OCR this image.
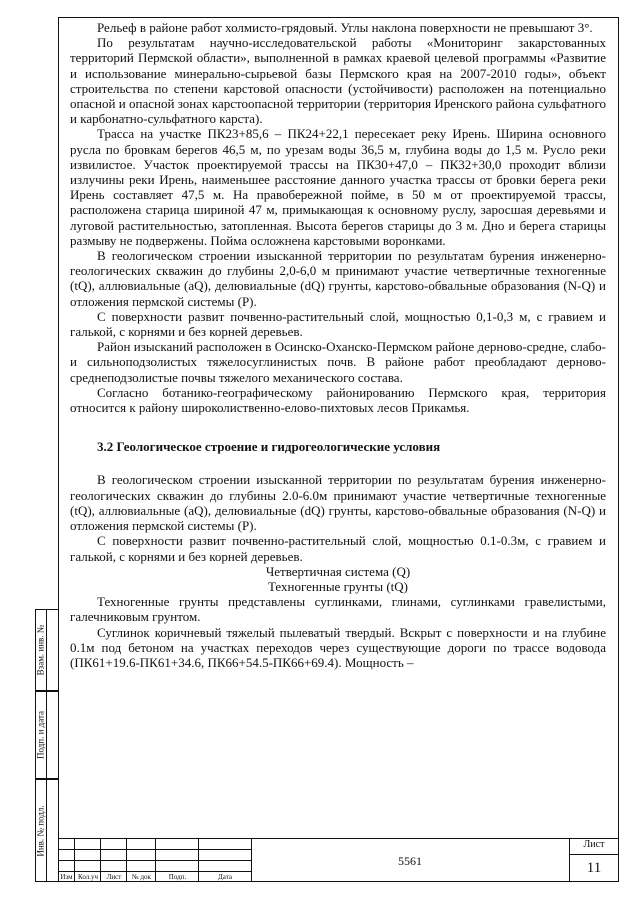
Рельеф в районе работ холмисто-грядовый. Углы наклона поверхности не превышают 3°.

По результатам научно-исследовательской работы «Мониторинг закарстованных территорий Пермской области», выполненной в рамках краевой целевой программы «Развитие и использование минерально-сырьевой базы Пермского края на 2007-2010 годы», объект строительства по степени карстовой опасности (устойчивости) расположен на потенциально опасной и опасной зонах карстоопасной территории (территория Иренского района сульфатного и карбонатно-сульфатного карста).

Трасса на участке ПК23+85,6 – ПК24+22,1 пересекает реку Ирень. Ширина основного русла по бровкам берегов 46,5 м, по урезам воды 36,5 м, глубина воды до 1,5 м. Русло реки извилистое. Участок проектируемой трассы на ПК30+47,0 – ПК32+30,0 проходит вблизи излучины реки Ирень, наименьшее расстояние данного участка трассы от бровки берега реки Ирень составляет 47,5 м. На правобережной пойме, в 50 м от проектируемой трассы, расположена старица шириной 47 м, примыкающая к основному руслу, заросшая деревьями и луговой растительностью, затопленная. Высота берегов старицы до 3 м. Дно и берега старицы размыву не подвержены. Пойма осложнена карстовыми воронками.

В геологическом строении изысканной территории по результатам бурения инженерно-геологических скважин до глубины 2,0-6,0 м принимают участие четвертичные техногенные (tQ), аллювиальные (aQ), делювиальные (dQ) грунты, карстово-обвальные образования (N-Q) и отложения пермской системы (P).

С поверхности развит почвенно-растительный слой, мощностью 0,1-0,3 м, с гравием и галькой, с корнями и без корней деревьев.

Район изысканий расположен в Осинско-Оханско-Пермском районе дерново-средне, слабо- и сильноподзолистых тяжелосуглинистых почв. В районе работ преобладают дерново-среднеподзолистые почвы тяжелого механического состава.

Согласно ботанико-географическому районированию Пермского края, территория относится к району широколиственно-елово-пихтовых лесов Прикамья.

3.2 Геологическое строение и гидрогеологические условия

В геологическом строении изысканной территории по результатам бурения инженерно-геологических скважин до глубины 2.0-6.0м принимают участие четвертичные техногенные (tQ), аллювиальные (aQ), делювиальные (dQ) грунты, карстово-обвальные образования (N-Q) и отложения пермской системы (P).

С поверхности развит почвенно-растительный слой, мощностью 0.1-0.3м, с гравием и галькой, с корнями и без корней деревьев.

Четвертичная система (Q)

Техногенные грунты (tQ)

Техногенные грунты представлены суглинками, глинами, суглинками гравелистыми, галечниковым грунтом.

Суглинок коричневый тяжелый пылеватый твердый. Вскрыт с поверхности и на глубине 0.1м под бетоном на участках переходов через существующие дороги по трассе водовода (ПК61+19.6-ПК61+34.6, ПК66+54.5-ПК66+69.4). Мощность –

Взам. инв. №
Подп. и дата
Инв. № подл.
Изм Кол.уч	Лист	№ док	Подп.	Дата
5561
Лист
11
